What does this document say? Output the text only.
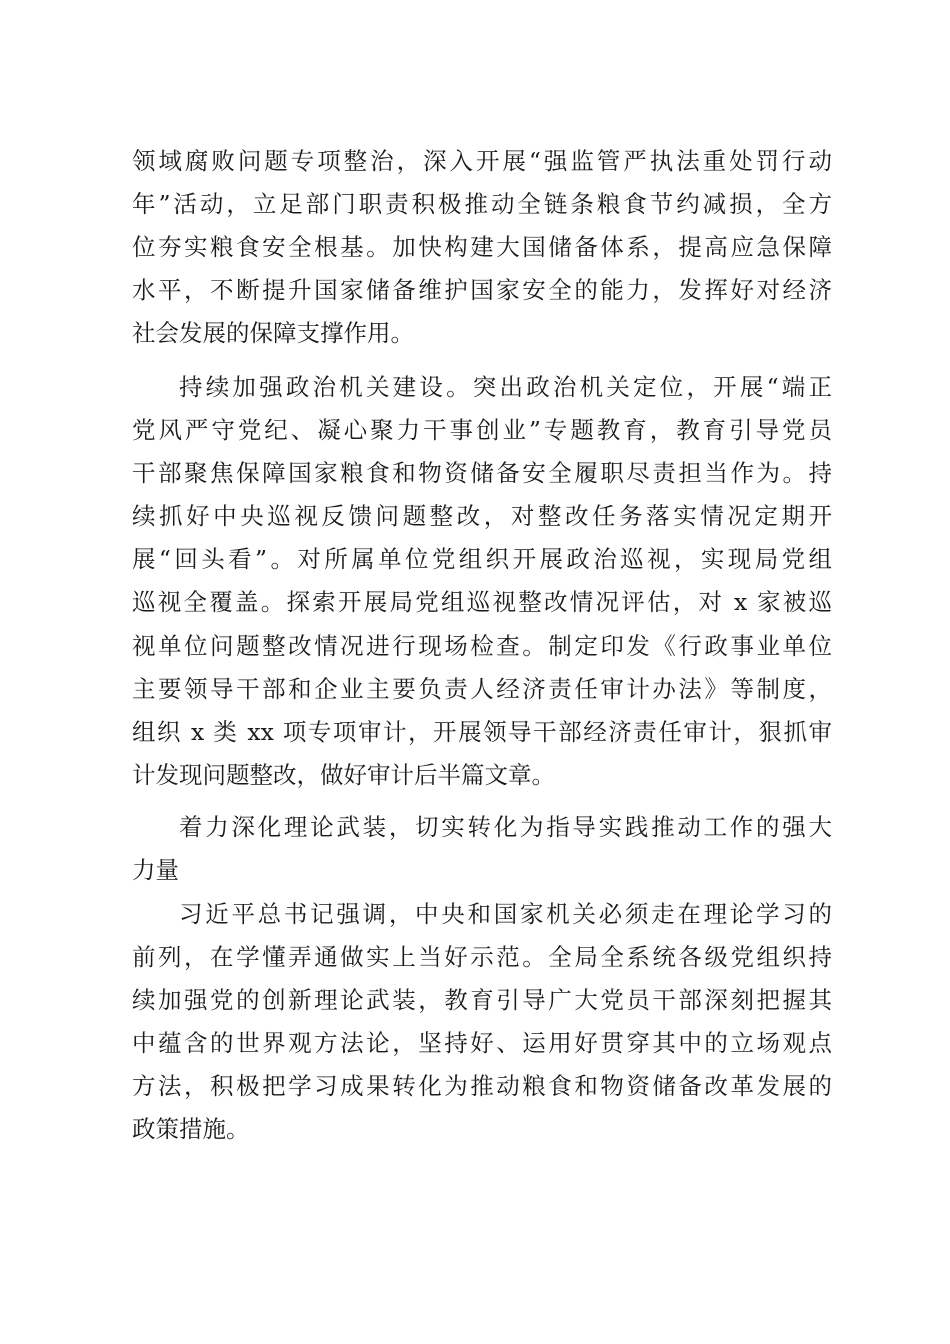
领域腐败问题专项整治，深入开展“强监管严执法重处罚行动
年”活动，立足部门职责积极推动全链条粮食节约减损，全方
位夯实粮食安全根基。加快构建大国储备体系，提高应急保障
水平，不断提升国家储备维护国家安全的能力，发挥好对经济
社会发展的保障支撑作用。
持续加强政治机关建设。突出政治机关定位，开展“端正
党风严守党纪、凝心聚力干事创业”专题教育，教育引导党员
干部聚焦保障国家粮食和物资储备安全履职尽责担当作为。持
续抓好中央巡视反馈问题整改，对整改任务落实情况定期开
展“回头看”。对所属单位党组织开展政治巡视，实现局党组
巡视全覆盖。探索开展局党组巡视整改情况评估，对 x 家被巡
视单位问题整改情况进行现场检查。制定印发《行政事业单位
主要领导干部和企业主要负责人经济责任审计办法》等制度，
组织 x 类 xx 项专项审计，开展领导干部经济责任审计，狠抓审
计发现问题整改，做好审计后半篇文章。
着力深化理论武装，切实转化为指导实践推动工作的强大
力量
习近平总书记强调，中央和国家机关必须走在理论学习的
前列，在学懂弄通做实上当好示范。全局全系统各级党组织持
续加强党的创新理论武装，教育引导广大党员干部深刻把握其
中蕴含的世界观方法论，坚持好、运用好贯穿其中的立场观点
方法，积极把学习成果转化为推动粮食和物资储备改革发展的
政策措施。
